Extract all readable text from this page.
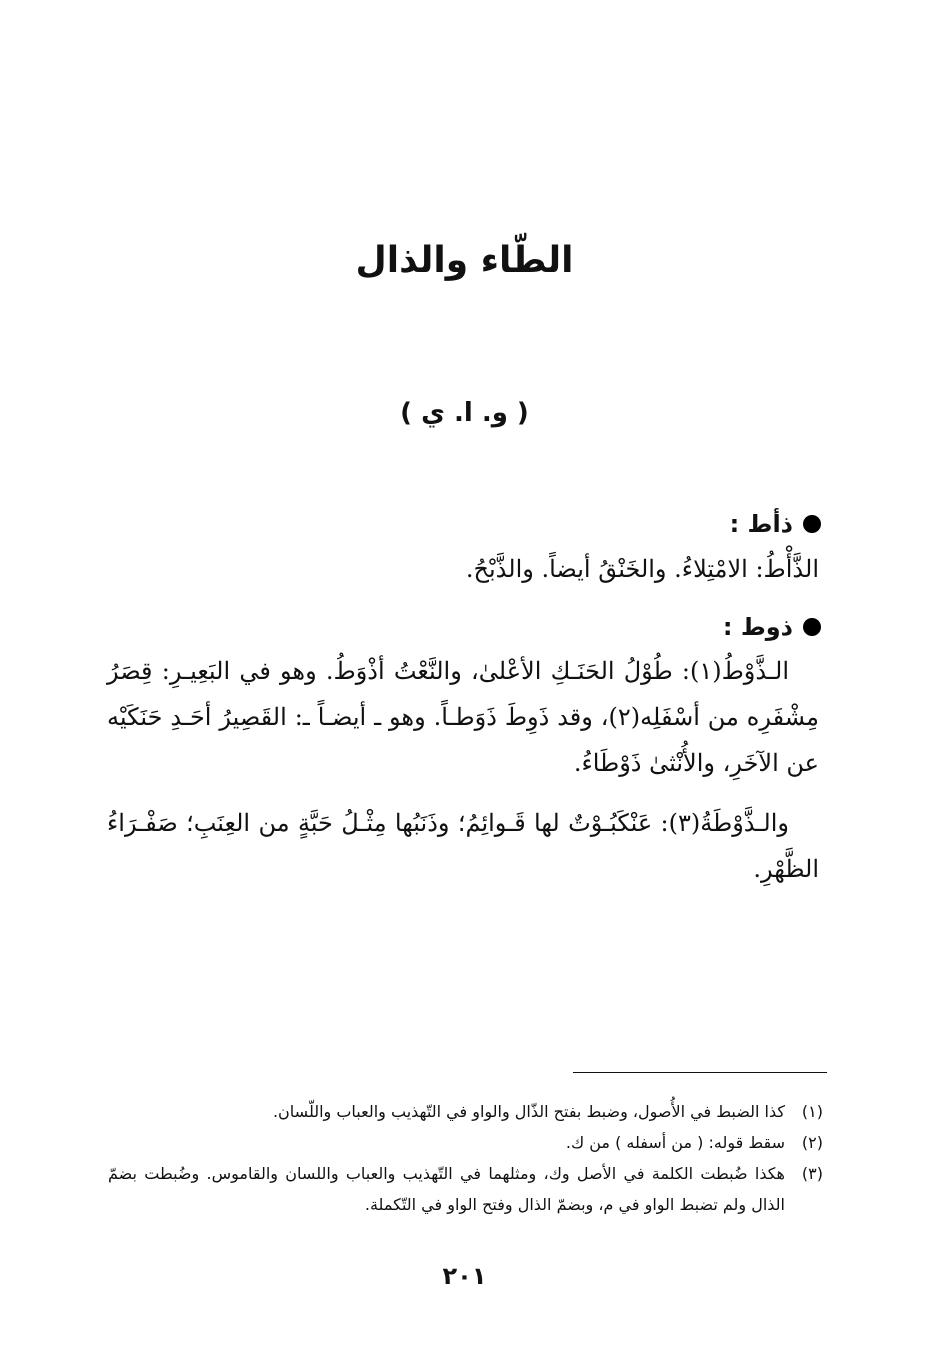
الطّاء والذال
( و. ا. ي )
ذأط :
الذَّأْطُ: الامْتِلاءُ. والخَنْقُ أيضاً. والذَّبْحُ.
ذوط :
الـذَّوْطُ(١): طُوْلُ الحَنَـكِ الأعْلىٰ، والنَّعْتُ أذْوَطُ. وهو في البَعِيـرِ: قِصَرُ مِشْفَرِه من أسْفَلِه(٢)، وقد ذَوِطَ ذَوَطـاً. وهو ـ أيضـاً ـ: القَصِيرُ أحَـدِ حَنَكَيْه عن الآخَرِ، والأُنْثىٰ ذَوْطَاءُ.
والـذَّوْطَةُ(٣): عَنْكَبُـوْتٌ لها قَـوائِمُ؛ وذَنَبُها مِثْـلُ حَبَّةٍ من العِنَبِ؛ صَفْـرَاءُ الظَّهْرِ.
(١)
كذا الضبط في الأُصول، وضبط بفتح الذّال والواو في التّهذيب والعباب واللّسان.
(٢)
سقط قوله: ( من أسفله ) من ك.
(٣)
هكذا ضُبطت الكلمة في الأصل وك، ومثلهما في التّهذيب والعباب واللسان والقاموس. وضُبطت بضمّ الذال ولم تضبط الواو في م، وبضمّ الذال وفتح الواو في التّكملة.
٢٠١
